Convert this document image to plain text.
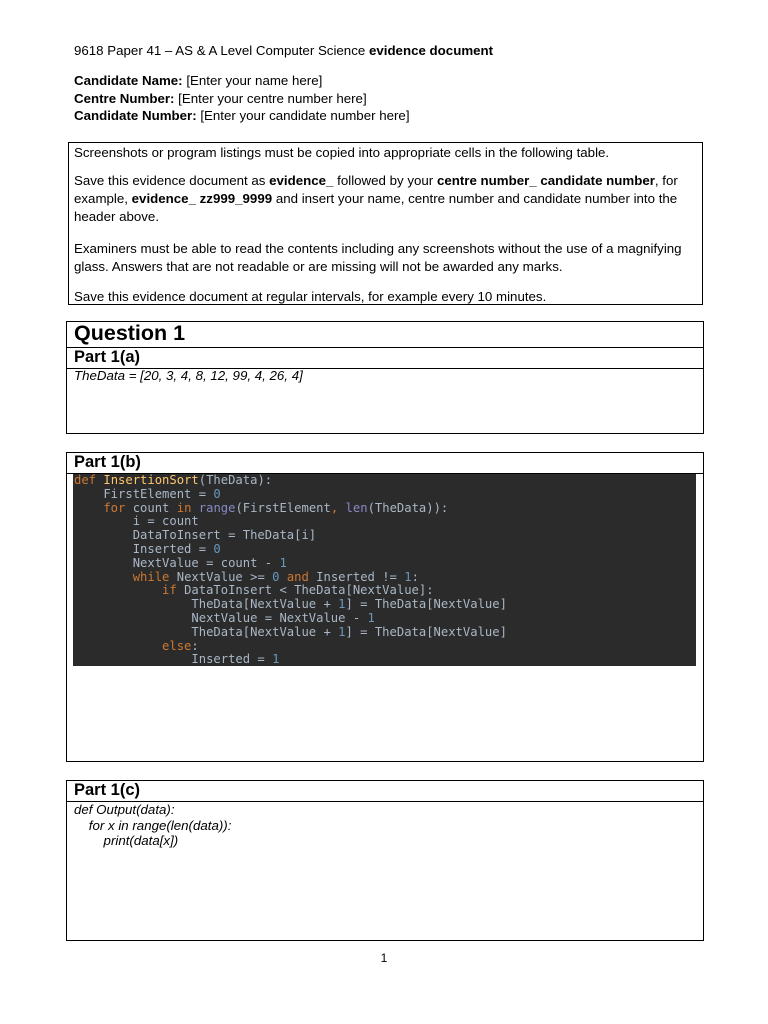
9618 Paper 41 – AS & A Level Computer Science evidence document
Candidate Name: [Enter your name here]
Centre Number: [Enter your centre number here]
Candidate Number: [Enter your candidate number here]
Screenshots or program listings must be copied into appropriate cells in the following table.
Save this evidence document as evidence_ followed by your centre number_ candidate number, for example, evidence_ zz999_9999 and insert your name, centre number and candidate number into the header above.
Examiners must be able to read the contents including any screenshots without the use of a magnifying glass. Answers that are not readable or are missing will not be awarded any marks.
Save this evidence document at regular intervals, for example every 10 minutes.
Question 1
Part 1(a)
TheData = [20, 3, 4, 8, 12, 99, 4, 26, 4]
Part 1(b)
def InsertionSort(TheData):
FirstElement = 0
for count in range(FirstElement, len(TheData)):
i = count
DataToInsert = TheData[i]
Inserted = 0
NextValue = count - 1
while NextValue >= 0 and Inserted != 1:
if DataToInsert < TheData[NextValue]:
TheData[NextValue + 1] = TheData[NextValue]
NextValue = NextValue - 1
TheData[NextValue + 1] = TheData[NextValue]
else:
Inserted = 1
Part 1(c)
def Output(data):
for x in range(len(data)):
print(data[x])
1
